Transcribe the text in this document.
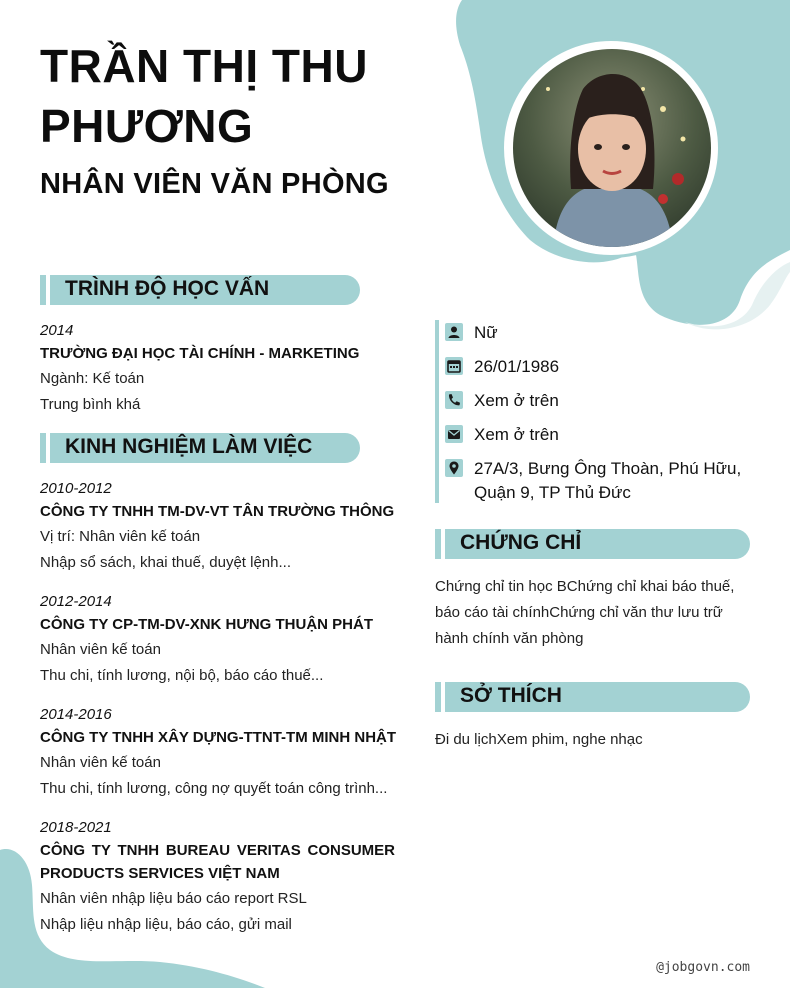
TRẦN THỊ THU
PHƯƠNG
NHÂN VIÊN VĂN PHÒNG
TRÌNH ĐỘ HỌC VẤN
2014
TRƯỜNG ĐẠI HỌC TÀI CHÍNH - MARKETING
Ngành: Kế toán
Trung bình khá
KINH NGHIỆM LÀM VIỆC
2010-2012
CÔNG TY TNHH TM-DV-VT TÂN TRƯỜNG THÔNG
Vị trí: Nhân viên kế toán
Nhập sổ sách, khai thuế, duyệt lệnh...
2012-2014
CÔNG TY CP-TM-DV-XNK HƯNG THUẬN PHÁT
Nhân viên kế toán
Thu chi, tính lương, nội bộ, báo cáo thuế...
2014-2016
CÔNG TY TNHH XÂY DỰNG-TTNT-TM MINH NHẬT
Nhân viên kế toán
Thu chi, tính lương, công nợ quyết toán công trình...
2018-2021
CÔNG TY TNHH BUREAU VERITAS CONSUMER
PRODUCTS SERVICES VIỆT NAM
Nhân viên nhập liệu báo cáo report RSL
Nhập liệu nhập liệu, báo cáo, gửi mail
Nữ
26/01/1986
Xem ở trên
Xem ở trên
27A/3, Bưng Ông Thoàn, Phú Hữu,
Quận 9, TP Thủ Đức
CHỨNG CHỈ
Chứng chỉ tin học BChứng chỉ khai báo thuế,
báo cáo tài chínhChứng chỉ văn thư lưu trữ
hành chính văn phòng
SỞ THÍCH
Đi du lịchXem phim, nghe nhạc
@jobgovn.com
